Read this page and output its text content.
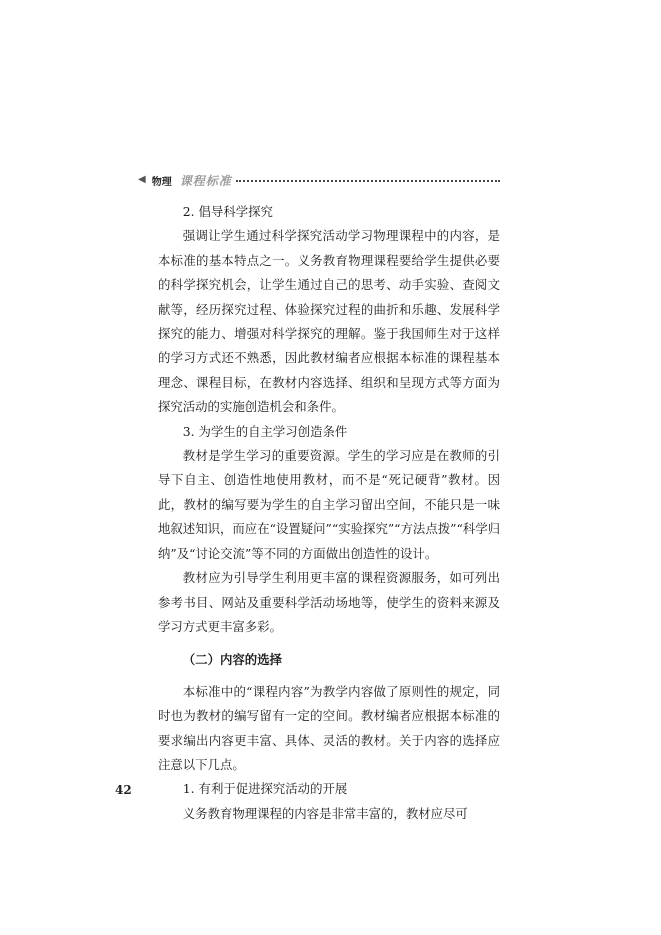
◀ 物理 课程标准

2. 倡导科学探究

强调让学生通过科学探究活动学习物理课程中的内容，是本标准的基本特点之一。义务教育物理课程要给学生提供必要的科学探究机会，让学生通过自己的思考、动手实验、查阅文献等，经历探究过程、体验探究过程的曲折和乐趣、发展科学探究的能力、增强对科学探究的理解。鉴于我国师生对于这样的学习方式还不熟悉，因此教材编者应根据本标准的课程基本理念、课程目标，在教材内容选择、组织和呈现方式等方面为探究活动的实施创造机会和条件。

3. 为学生的自主学习创造条件

教材是学生学习的重要资源。学生的学习应是在教师的引导下自主、创造性地使用教材，而不是“死记硬背”教材。因此，教材的编写要为学生的自主学习留出空间，不能只是一味地叙述知识，而应在“设置疑问”“实验探究”“方法点拨”“科学归纳”及“讨论交流”等不同的方面做出创造性的设计。

教材应为引导学生利用更丰富的课程资源服务，如可列出参考书目、网站及重要科学活动场地等，使学生的资料来源及学习方式更丰富多彩。

（二）内容的选择

本标准中的“课程内容”为教学内容做了原则性的规定，同时也为教材的编写留有一定的空间。教材编者应根据本标准的要求编出内容更丰富、具体、灵活的教材。关于内容的选择应注意以下几点。

1. 有利于促进探究活动的开展

义务教育物理课程的内容是非常丰富的，教材应尽可

42
